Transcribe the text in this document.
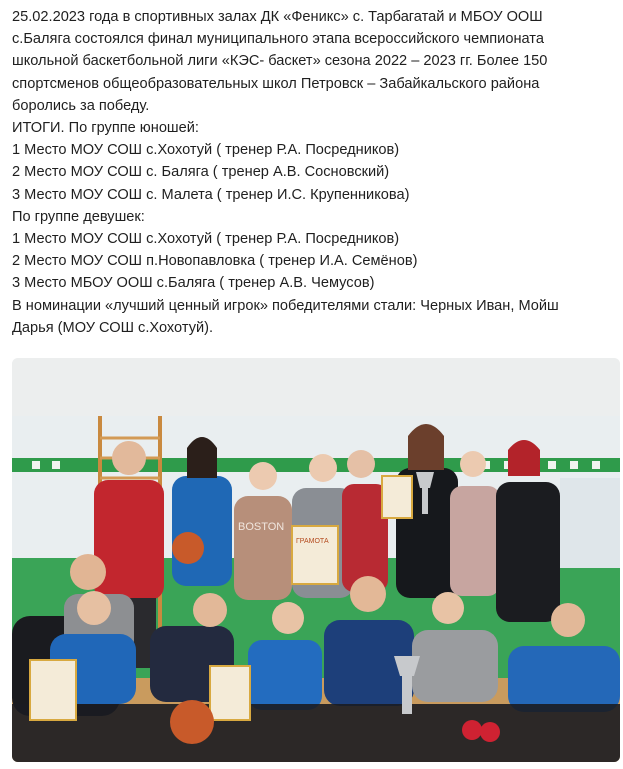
25.02.2023 года в спортивных залах ДК «Феникс» с. Тарбагатай и МБОУ ООШ

с.Баляга состоялся финал муниципального этапа всероссийского чемпионата

школьной баскетбольной лиги «КЭС- баскет» сезона 2022 – 2023 гг. Более 150

спортсменов общеобразовательных школ Петровск – Забайкальского района

боролись за победу.

ИТОГИ. По группе юношей:

1 Место МОУ СОШ с.Хохотуй ( тренер Р.А. Посредников)

2 Место МОУ СОШ с. Баляга ( тренер А.В. Сосновский)

3 Место МОУ СОШ с. Малета ( тренер И.С. Крупенникова)

По группе девушек:

1 Место МОУ СОШ с.Хохотуй ( тренер Р.А. Посредников)

2 Место МОУ СОШ п.Новопавловка ( тренер И.А. Семёнов)

3 Место МБОУ ООШ с.Баляга ( тренер А.В. Чемусов)

В номинации «лучший ценный игрок» победителями стали: Черных Иван, Мойш

Дарья (МОУ СОШ с.Хохотуй).

BOSTON
ГРАМОТА
